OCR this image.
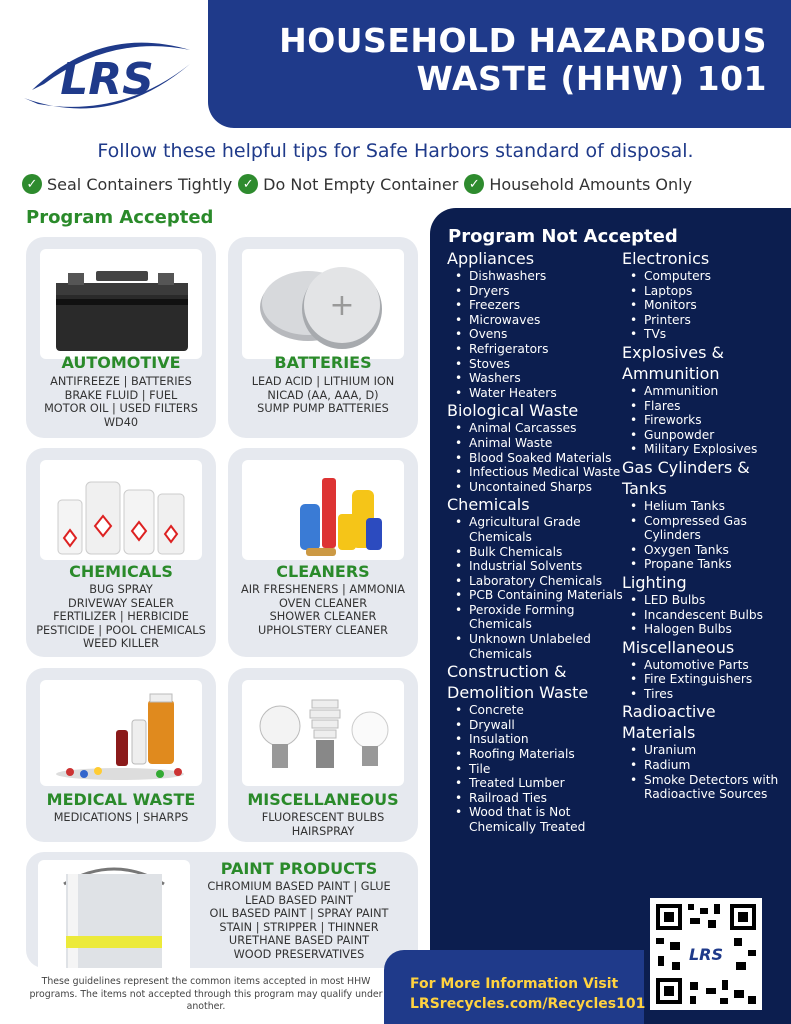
LRS
HOUSEHOLD HAZARDOUS WASTE (HHW) 101
Follow these helpful tips for Safe Harbors standard of disposal.
✓ Seal Containers Tightly ✓ Do Not Empty Container ✓ Household Amounts Only
Program Accepted
AUTOMOTIVE
ANTIFREEZE | BATTERIES
BRAKE FLUID | FUEL
MOTOR OIL | USED FILTERS
WD40
+
BATTERIES
LEAD ACID | LITHIUM ION
NICAD (AA, AAA, D)
SUMP PUMP BATTERIES
CHEMICALS
BUG SPRAY
DRIVEWAY SEALER
FERTILIZER | HERBICIDE
PESTICIDE | POOL CHEMICALS
WEED KILLER
CLEANERS
AIR FRESHENERS | AMMONIA
OVEN CLEANER
SHOWER CLEANER
UPHOLSTERY CLEANER
MEDICAL WASTE
MEDICATIONS | SHARPS
MISCELLANEOUS
FLUORESCENT BULBS
HAIRSPRAY
PAINT PRODUCTS
CHROMIUM BASED PAINT | GLUE
LEAD BASED PAINT
OIL BASED PAINT | SPRAY PAINT
STAIN | STRIPPER | THINNER
URETHANE BASED PAINT
WOOD PRESERVATIVES
These guidelines represent the common items accepted in most HHW programs. The items not accepted through this program may qualify under another.
Program Not Accepted
Appliances
• Dishwashers
• Dryers
• Freezers
• Microwaves
• Ovens
• Refrigerators
• Stoves
• Washers
• Water Heaters
Biological Waste
• Animal Carcasses
• Animal Waste
• Blood Soaked Materials
• Infectious Medical Waste
• Uncontained Sharps
Chemicals
• Agricultural Grade Chemicals
• Bulk Chemicals
• Industrial Solvents
• Laboratory Chemicals
• PCB Containing Materials
• Peroxide Forming Chemicals
• Unknown Unlabeled Chemicals
Construction & Demolition Waste
• Concrete
• Drywall
• Insulation
• Roofing Materials
• Tile
• Treated Lumber
• Railroad Ties
• Wood that is Not Chemically Treated
Electronics
• Computers
• Laptops
• Monitors
• Printers
• TVs
Explosives & Ammunition
• Ammunition
• Flares
• Fireworks
• Gunpowder
• Military Explosives
Gas Cylinders & Tanks
• Helium Tanks
• Compressed Gas Cylinders
• Oxygen Tanks
• Propane Tanks
Lighting
• LED Bulbs
• Incandescent Bulbs
• Halogen Bulbs
Miscellaneous
• Automotive Parts
• Fire Extinguishers
• Tires
Radioactive Materials
• Uranium
• Radium
• Smoke Detectors with Radioactive Sources
LRS
For More Information Visit
LRSrecycles.com/Recycles101
